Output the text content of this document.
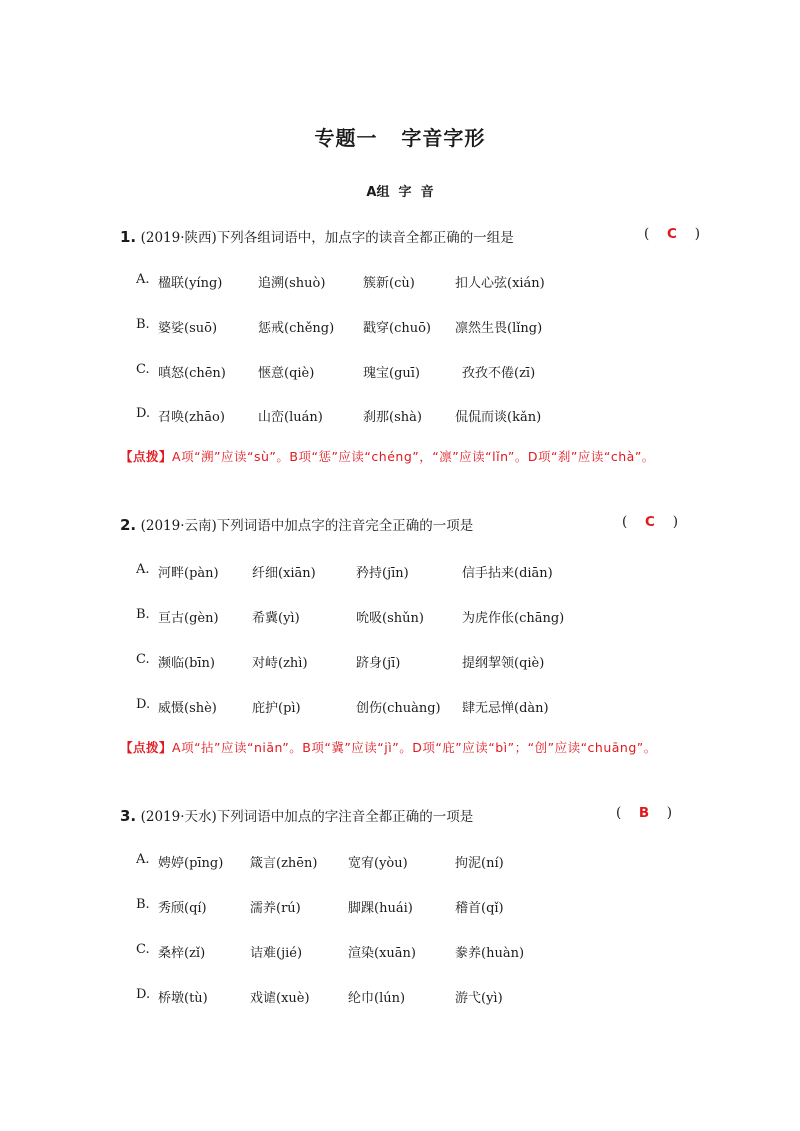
专题一   字音字形
A组  字  音
1. (2019·陕西)下列各组词语中，加点字的读音全都正确的一组是	( C )
A. 楹联(yíng)	追溯(shuò)	簇新(cù)	扣人心弦(xián)
B. 婆娑(suō)	惩戒(chěng) 戳穿(chuō) 凛然生畏(lǐng)
C. 嗔怒(chēn) 惬意(qiè)	瑰宝(guī)	孜孜不倦(zī)
D. 召唤(zhāo)	山峦(luán)	刹那(shà)	侃侃而谈(kǎn)
【点拨】A项“溯”应读“sù”。B项“惩”应读“chéng”，“凛”应读“lǐn”。D项“刹”应读“chà”。
2. (2019·云南)下列词语中加点字的注音完全正确的一项是	( C )
A. 河畔(pàn)	纤细(xiān)	矜持(jīn)	信手拈来(diān)
B. 亘古(gèn)	希冀(yì)	吮吸(shǔn)	为虎作伥(chāng)
C. 濒临(bīn)	对峙(zhì)	跻身(jī)	提纲挈领(qiè)
D. 威慑(shè)	庇护(pì)	创伤(chuàng) 肆无忌惮(dàn)
【点拨】A项“拈”应读“niān”。B项“冀”应读“jì”。D项“庇”应读“bì”；“创”应读“chuāng”。
3. (2019·天水)下列词语中加点的字注音全都正确的一项是	( B )
A. 娉婷(pīng) 箴言(zhēn) 宽宥(yòu)	拘泥(ní)
B. 秀颀(qí)	濡养(rú)	脚踝(huái)	稽首(qǐ)
C. 桑梓(zǐ)	诘难(jié)	渲染(xuān)	豢养(huàn)
D. 桥墩(tù)	戏谑(xuè)	纶巾(lún)	游弋(yì)
